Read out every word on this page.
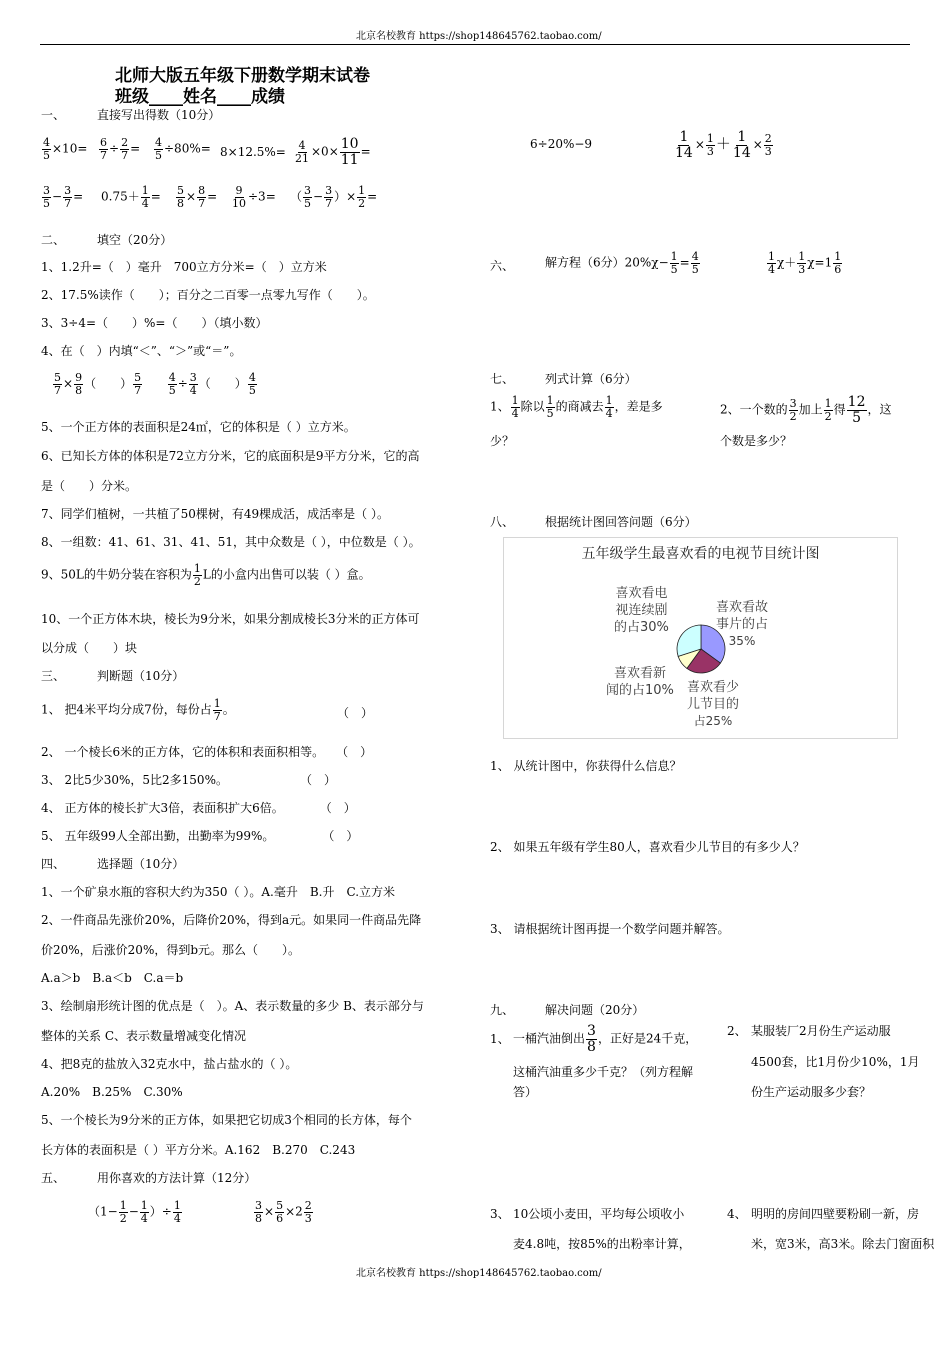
北京名校教育 https://shop148645762.taobao.com/
北京名校教育 https://shop148645762.taobao.com/
北师大版五年级下册数学期末试卷
班级____姓名____成绩
一、	直接写出得数（10分）
$\frac{4}{5} \times 10= \frac{6}{7} \div \frac{2}{7} = \frac{4}{5} \div 80\%= 8\times 12.5\%= \frac{4}{21} \times 0\times \frac{10}{11}$ =
$\frac{3}{5} - \frac{3}{7} = 0.75+ \frac{1}{4} = \frac{5}{8} \times \frac{8}{7} = \frac{9}{10} \div 3=$ （ $\frac{3}{5} - \frac{3}{7}$ ）× $\frac{1}{2}$ =
6÷20%−9	$\frac{1}{14} \times \frac{1}{3} + \frac{1}{14} \times \frac{2}{3}$
二、	填空（20分）
1、1.2升=（　）毫升　700立方分米=（　）立方米
2、17.5%读作（　　）；百分之二百零一点零九写作（　　）。
3、3÷4=（　　）%=（　　）（填小数）
4、在（　）内填“＜”、“＞”或“＝”。
$\frac{5}{7} \times \frac{9}{8}$ （　　） $\frac{5}{7}$
$\frac{4}{5} \div \frac{3}{4}$ （　　） $\frac{4}{5}$
5、一个正方体的表面积是24㎡，它的体积是（ ）立方米。
6、已知长方体的体积是72立方分米，它的底面积是9平方分米，它的高
是（　　）分米。
7、同学们植树，一共植了50棵树，有49棵成活，成活率是（ ）。
8、一组数：41、61、31、41、51，其中众数是（ ），中位数是（ ）。
9、50L的牛奶分装在容积为 $\frac{1}{2}$ L的小盒内出售可以装（ ）盒。
10、一个正方体木块，棱长为9分米，如果分割成棱长3分米的正方体可
以分成（　　）块
三、	判断题（10分）
1、 把4米平均分成7份，每份占 $\frac{1}{7}$ 。	（　）
2、 一个棱长6米的正方体，它的体积和表面积相等。　　（　）
3、 2比5少30%，5比2多150%。　　　　　　　（　）
4、 正方体的棱长扩大3倍，表面积扩大6倍。　　　　（　）
5、 五年级99人全部出勤，出勤率为99%。　　　　　（　）
四、	选择题（10分）
1、一个矿泉水瓶的容积大约为350（ ）。A.毫升　B.升　C.立方米
2、一件商品先涨价20%，后降价20%，得到a元。如果同一件商品先降
价20%，后涨价20%，得到b元。那么（　　）。
A.a＞b　B.a＜b　C.a＝b
3、绘制扇形统计图的优点是（　）。A、表示数量的多少 B、表示部分与
整体的关系 C、表示数量增减变化情况
4、把8克的盐放入32克水中，盐占盐水的（ ）。
A.20%　B.25%　C.30%
5、一个棱长为9分米的正方体，如果把它切成3个相同的长方体，每个
长方体的表面积是（ ）平方分米。A.162　B.270　C.243
五、	用你喜欢的方法计算（12分）
（$1- \frac{1}{2} - \frac{1}{4}$ ）÷ $\frac{1}{4}$	$\frac{3}{8} \times \frac{5}{6} \times 2 \frac{2}{3}$
六、	解方程（6分）$20\%\chi- \frac{1}{5} = \frac{4}{5}$	$\frac{1}{4} \chi+ \frac{1}{3} \chi=1 \frac{1}{6}$
七、	列式计算（6分）
1、 $\frac{1}{4}$ 除以 $\frac{1}{5}$ 的商减去 $\frac{1}{4}$ ，差是多
少？
2、一个数的 $\frac{3}{2}$ 加上 $\frac{1}{2}$ 得 $\frac{12}{5}$ ，这
个数是多少？
八、	根据统计图回答问题（6分）
五年级学生最喜欢看的电视节目统计图
喜欢看故
事片的占
35%
喜欢看少
儿节目的
占25%
喜欢看新
闻的占10%
喜欢看电
视连续剧
的占30%
1、 从统计图中，你获得什么信息？
2、 如果五年级有学生80人，喜欢看少儿节目的有多少人？
3、 请根据统计图再提一个数学问题并解答。
九、	解决问题（20分）
1、 一桶汽油倒出 $\frac{3}{8}$ ，正好是24千克，
这桶汽油重多少千克？（列方程解
答）
2、 某服装厂2月份生产运动服
4500套，比1月份少10%，1月
份生产运动服多少套？
3、 10公顷小麦田，平均每公顷收小
麦4.8吨，按85%的出粉率计算，
4、 明明的房间四壁要粉刷一新，房
米，宽3米，高3米。除去门窗面积
